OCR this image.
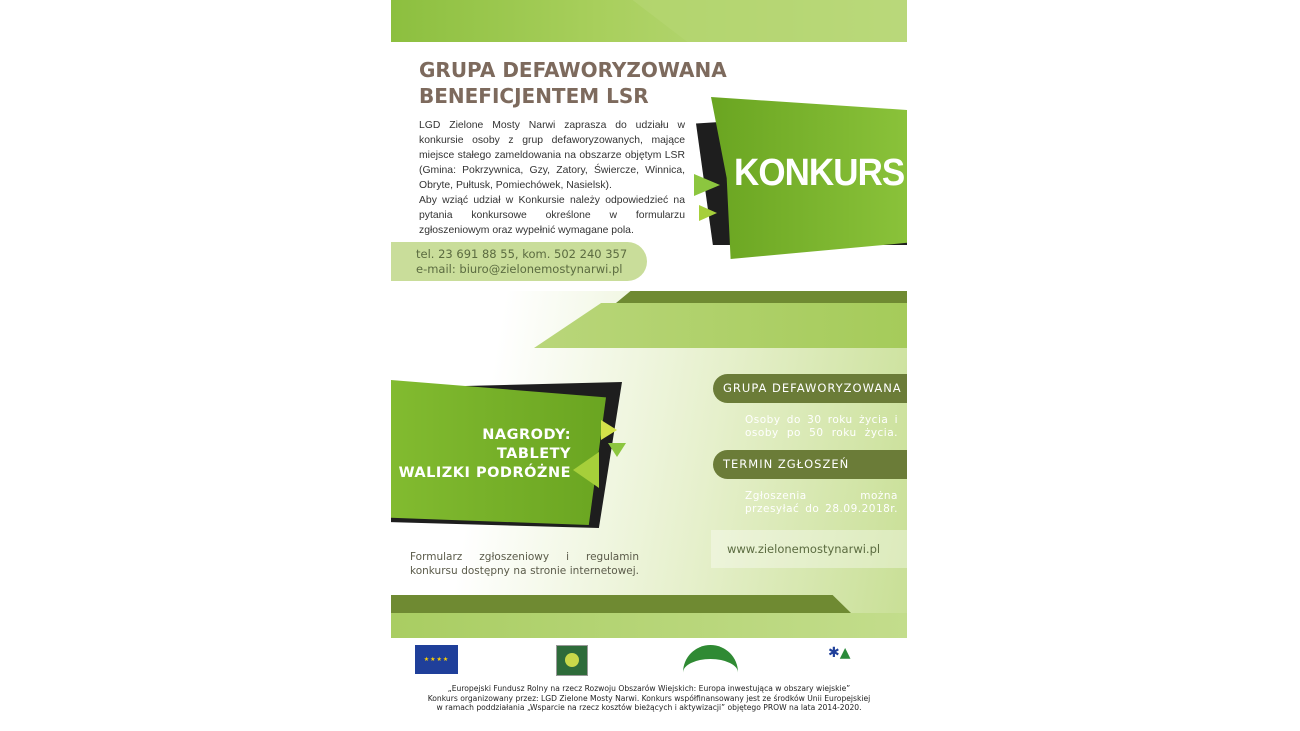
GRUPA DEFAWORYZOWANA
BENEFICJENTEM LSR
tel. 23 691 88 55, kom. 502 240 357
e-mail: biuro@zielonemostynarwi.pl
KONKURS
LGD Zielone Mosty Narwi zaprasza do udziału w konkursie osoby z grup defaworyzowanych, mające miejsce stałego zameldowania na obszarze objętym LSR (Gmina: Pokrzywnica, Gzy, Zatory, Świercze, Winnica, Obryte, Pułtusk, Pomiechówek, Nasielsk).
Aby wziąć udział w Konkursie należy odpowiedzieć na pytania konkursowe określone w formularzu zgłoszeniowym oraz wypełnić wymagane pola.
NAGRODY:
TABLETY
WALIZKI PODRÓŻNE
GRUPA DEFAWORYZOWANA
Osoby do 30 roku życia i osoby po 50 roku życia.
TERMIN ZGŁOSZEŃ
Zgłoszenia można przesyłać do 28.09.2018r.
www.zielonemostynarwi.pl
Formularz zgłoszeniowy i regulamin konkursu dostępny na stronie internetowej.
★★★★	✱▲
„Europejski Fundusz Rolny na rzecz Rozwoju Obszarów Wiejskich: Europa inwestująca w obszary wiejskie”
Konkurs organizowany przez: LGD Zielone Mosty Narwi. Konkurs współfinansowany jest ze środków Unii Europejskiej
w ramach poddziałania „Wsparcie na rzecz kosztów bieżących i aktywizacji” objętego PROW na lata 2014-2020.
